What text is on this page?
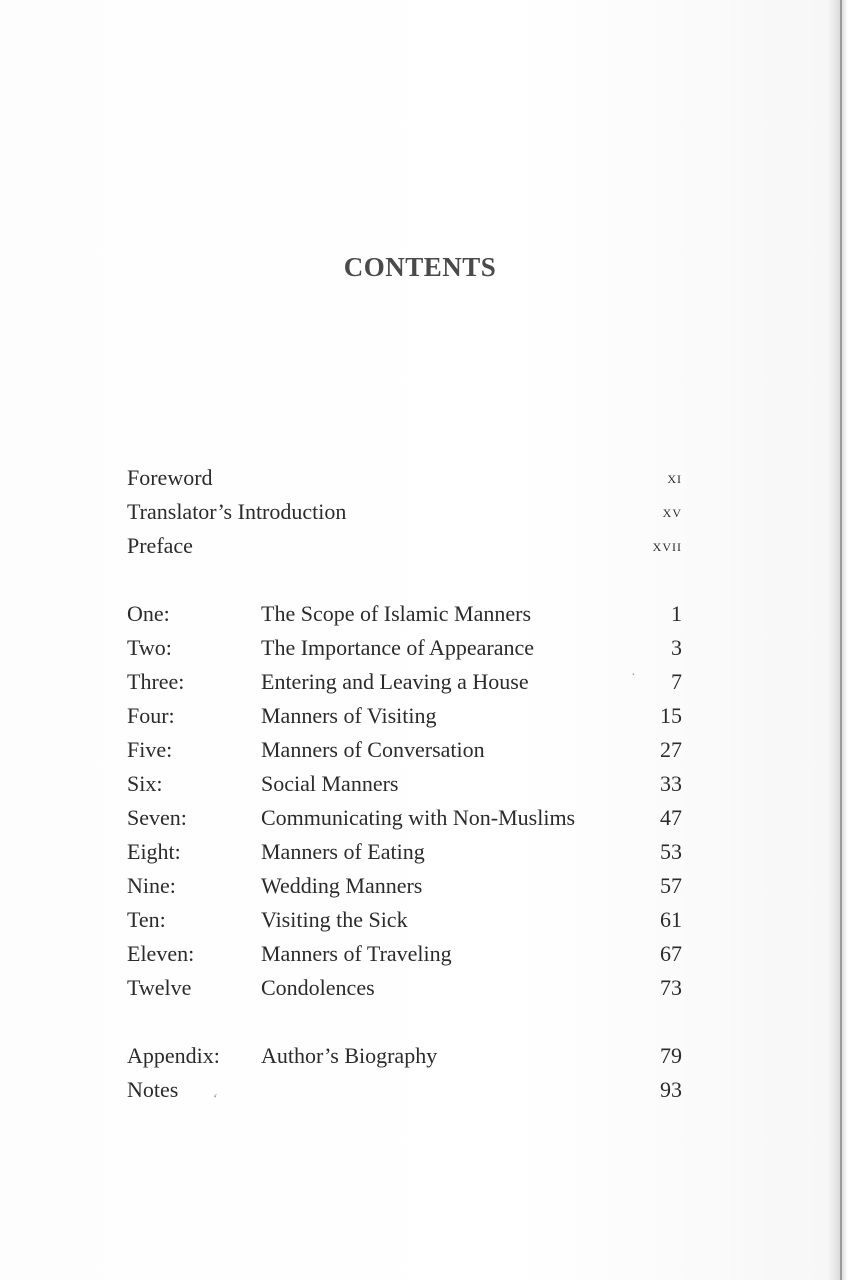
CONTENTS
Foreword	xi
Translator’s Introduction	xv
Preface	xvii
One:	The Scope of Islamic Manners	1
Two:	The Importance of Appearance	3
Three:	Entering and Leaving a House	7
Four:	Manners of Visiting	15
Five:	Manners of Conversation	27
Six:	Social Manners	33
Seven:	Communicating with Non-Muslims	47
Eight:	Manners of Eating	53
Nine:	Wedding Manners	57
Ten:	Visiting the Sick	61
Eleven:	Manners of Traveling	67
Twelve	Condolences	73
Appendix: Author’s Biography	79
Notes	93
ʻ
·
